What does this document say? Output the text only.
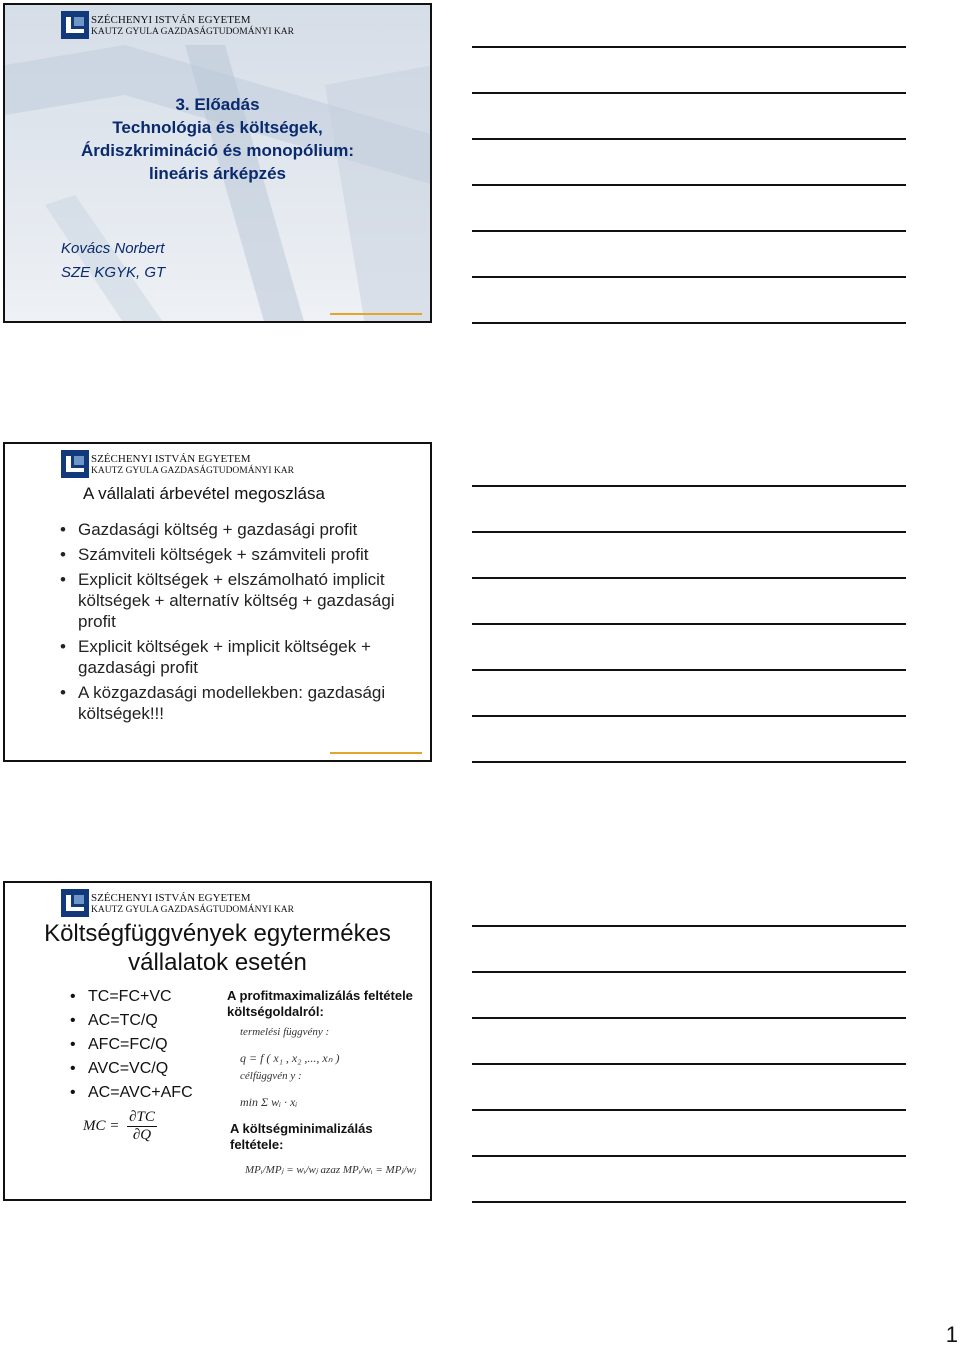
SZÉCHENYI ISTVÁN EGYETEM
KAUTZ GYULA GAZDASÁGTUDOMÁNYI KAR
3. Előadás
Technológia és költségek,
Árdiszkrimináció és monopólium:
lineáris árképzés
Kovács Norbert
SZE KGYK, GT
SZÉCHENYI ISTVÁN EGYETEM
KAUTZ GYULA GAZDASÁGTUDOMÁNYI KAR
A vállalati árbevétel megoszlása
• Gazdasági költség + gazdasági profit
• Számviteli költségek + számviteli profit
• Explicit költségek + elszámolható implicit költségek + alternatív költség + gazdasági profit
• Explicit költségek + implicit költségek + gazdasági profit
• A közgazdasági modellekben: gazdasági költségek!!!
SZÉCHENYI ISTVÁN EGYETEM
KAUTZ GYULA GAZDASÁGTUDOMÁNYI KAR
Költségfüggvények egytermékes
vállalatok esetén
• TC=FC+VC
• AC=TC/Q
• AFC=FC/Q
• AVC=VC/Q
• AC=AVC+AFC
MC = $\frac{\partial TC}{\partial Q}$
A profitmaximalizálás feltétele költségoldalról:
termelési függvény :
q = f ( x₁ , x₂ ,..., xₙ )
célfüggvén y :
min Σ wᵢ · xᵢ
A költségminimalizálás feltétele:
MPᵢ/MPⱼ = wᵢ/wⱼ azaz MPᵢ/wᵢ = MPⱼ/wⱼ
1
